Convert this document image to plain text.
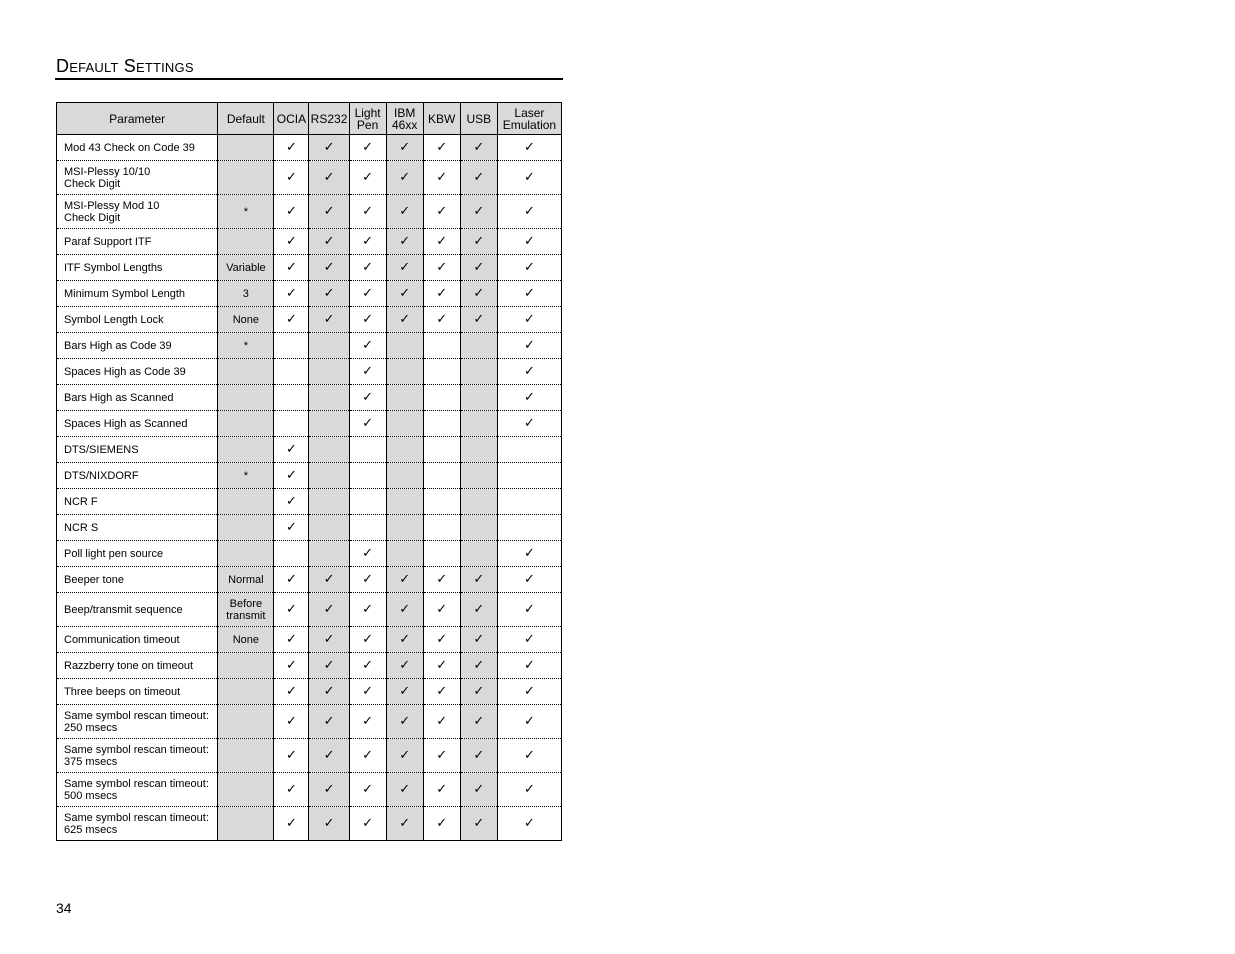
Default Settings
Parameter	Default	OCIA	RS232	Light
Pen	IBM
46xx	KBW	USB	Laser
Emulation
Mod 43 Check on Code 39		✓	✓	✓	✓	✓	✓	✓
MSI-Plessy 10/10
Check Digit		✓	✓	✓	✓	✓	✓	✓
MSI-Plessy Mod 10
Check Digit	*	✓	✓	✓	✓	✓	✓	✓
Paraf Support ITF		✓	✓	✓	✓	✓	✓	✓
ITF Symbol Lengths	Variable	✓	✓	✓	✓	✓	✓	✓
Minimum Symbol Length	3	✓	✓	✓	✓	✓	✓	✓
Symbol Length Lock	None	✓	✓	✓	✓	✓	✓	✓
Bars High as Code 39	*			✓				✓
Spaces High as Code 39				✓				✓
Bars High as Scanned				✓				✓
Spaces High as Scanned				✓				✓
DTS/SIEMENS		✓						
DTS/NIXDORF	*	✓						
NCR F		✓						
NCR S		✓						
Poll light pen source				✓				✓
Beeper tone	Normal	✓	✓	✓	✓	✓	✓	✓
Beep/transmit sequence	Before
transmit	✓	✓	✓	✓	✓	✓	✓
Communication timeout	None	✓	✓	✓	✓	✓	✓	✓
Razzberry tone on timeout		✓	✓	✓	✓	✓	✓	✓
Three beeps on timeout		✓	✓	✓	✓	✓	✓	✓
Same symbol rescan timeout:
250 msecs		✓	✓	✓	✓	✓	✓	✓
Same symbol rescan timeout:
375 msecs		✓	✓	✓	✓	✓	✓	✓
Same symbol rescan timeout:
500 msecs		✓	✓	✓	✓	✓	✓	✓
Same symbol rescan timeout:
625 msecs		✓	✓	✓	✓	✓	✓	✓
34
